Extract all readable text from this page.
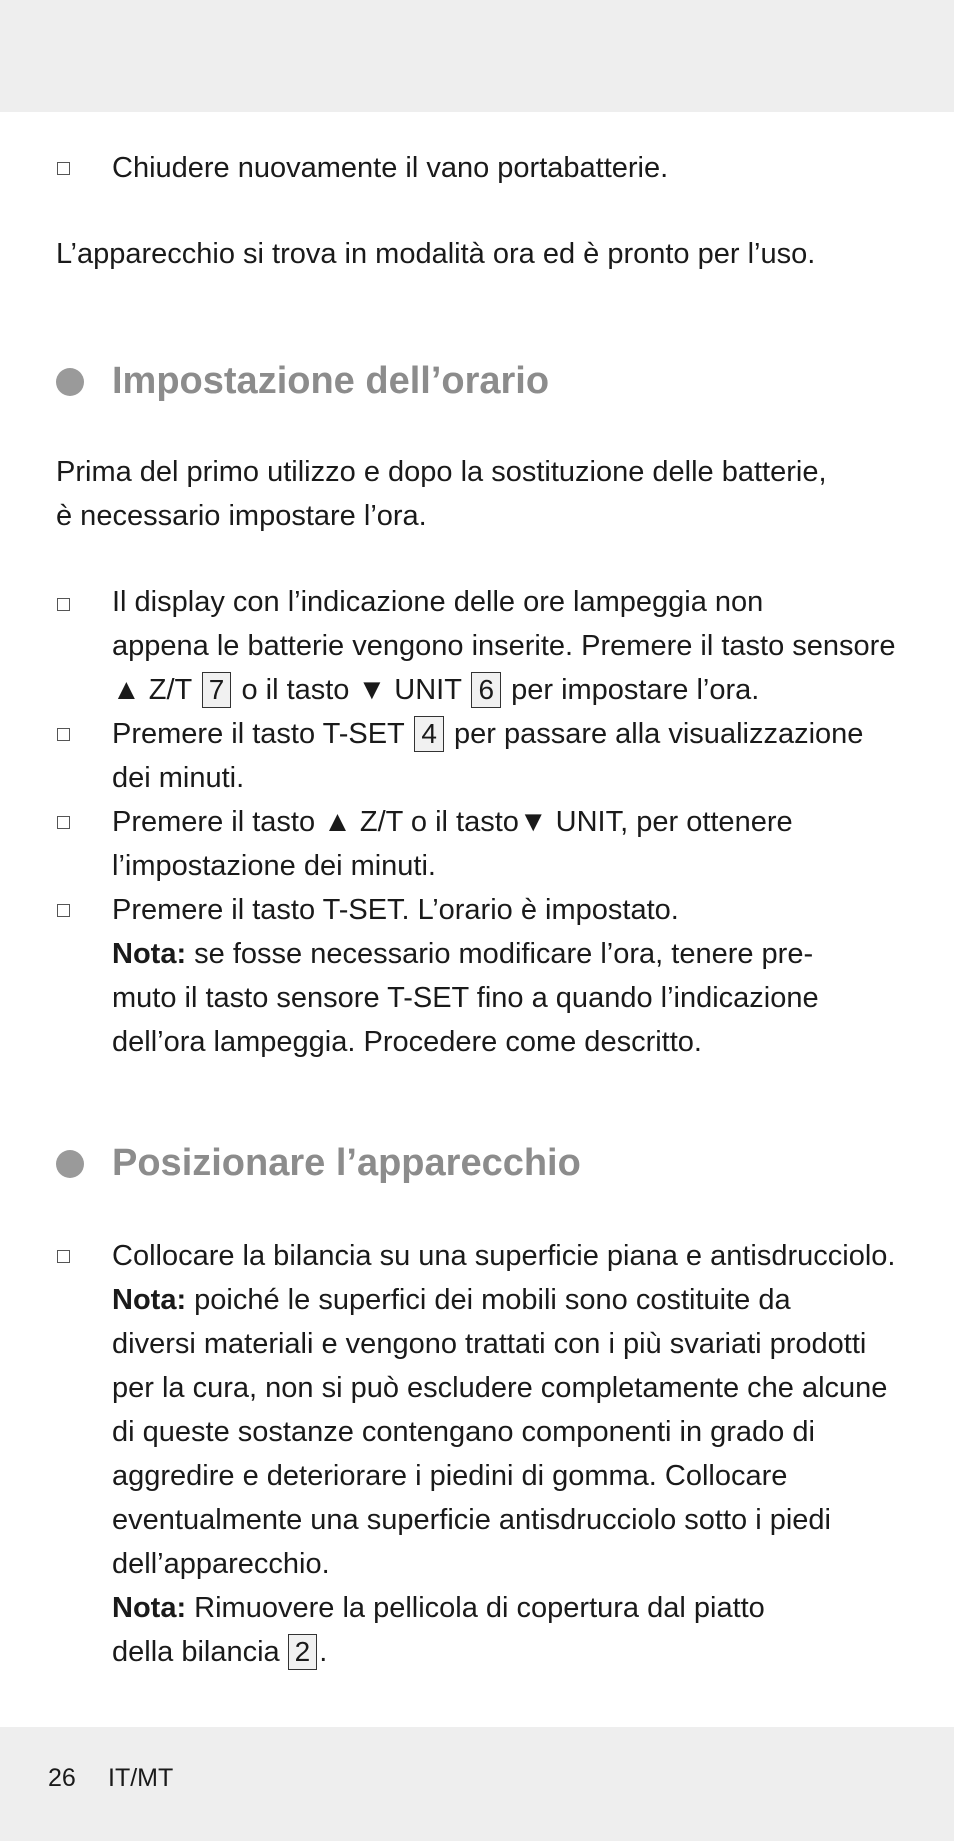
Chiudere nuovamente il vano portabatterie.
L’apparecchio si trova in modalità ora ed è pronto per l’uso.
Impostazione dell’orario
Prima del primo utilizzo e dopo la sostituzione delle batterie,
è necessario impostare l’ora.
Il display con l’indicazione delle ore lampeggia non
appena le batterie vengono inserite. Premere il tasto sensore
▲ Z/T 7 o il tasto ▼ UNIT 6 per impostare l’ora.
Premere il tasto T-SET 4 per passare alla visualizzazione
dei minuti.
Premere il tasto ▲ Z/T o il tasto▼ UNIT, per ottenere
l’impostazione dei minuti.
Premere il tasto T-SET. L’orario è impostato.
Nota: se fosse necessario modificare l’ora, tenere pre-
muto il tasto sensore T-SET fino a quando l’indicazione
dell’ora lampeggia. Procedere come descritto.
Posizionare l’apparecchio
Collocare la bilancia su una superficie piana e antisdrucciolo.
Nota: poiché le superfici dei mobili sono costituite da
diversi materiali e vengono trattati con i più svariati prodotti
per la cura, non si può escludere completamente che alcune
di queste sostanze contengano componenti in grado di
aggredire e deteriorare i piedini di gomma. Collocare
eventualmente una superficie antisdrucciolo sotto i piedi
dell’apparecchio.
Nota: Rimuovere la pellicola di copertura dal piatto
della bilancia 2 .
26 IT/MT
